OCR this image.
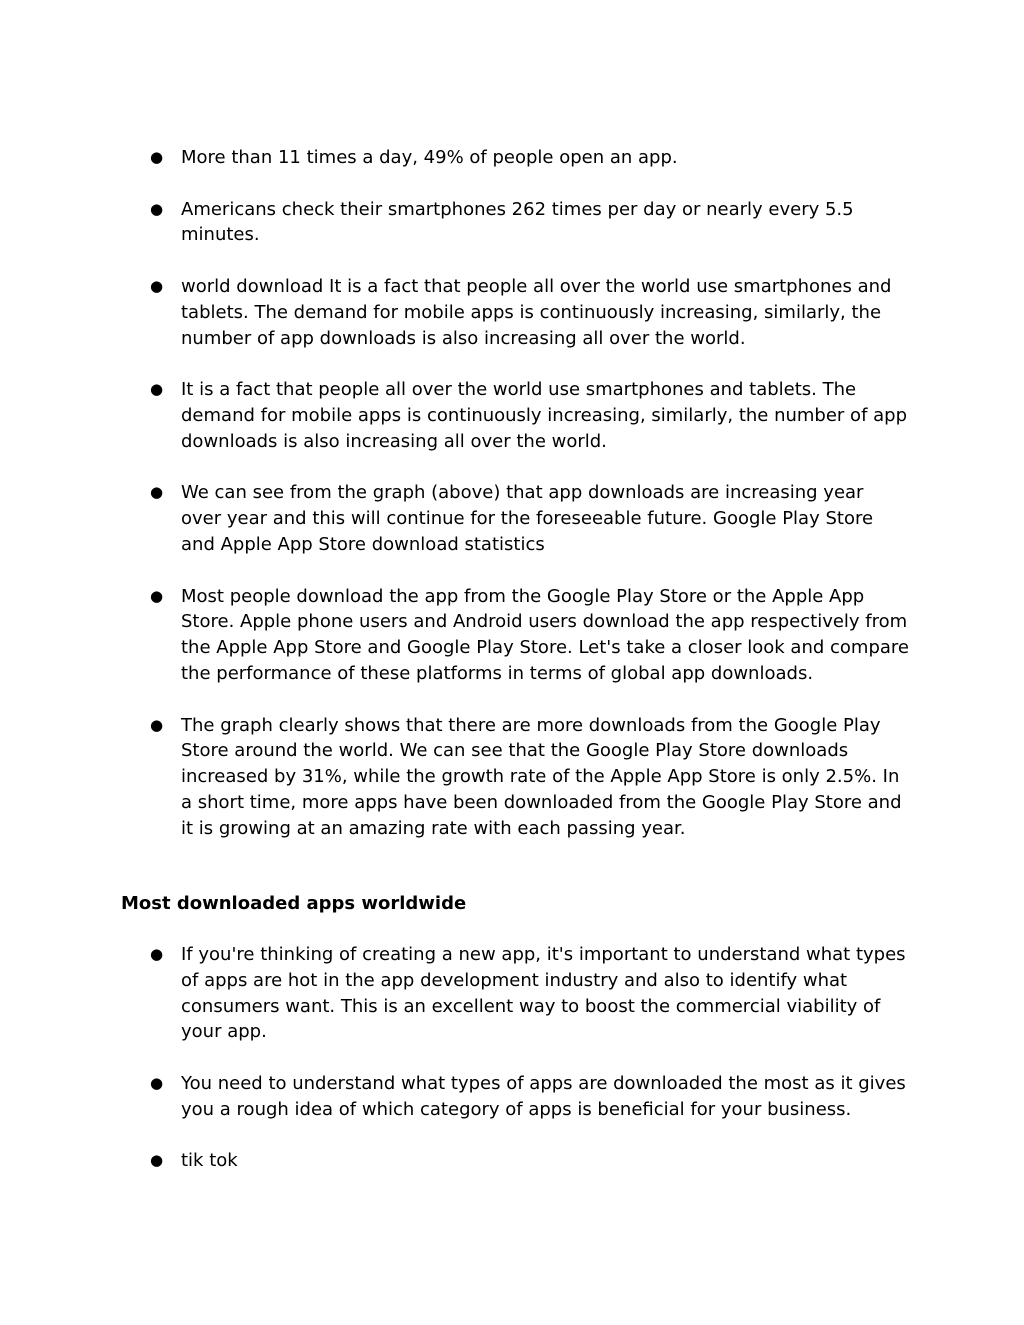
● More than 11 times a day, 49% of people open an app.
● Americans check their smartphones 262 times per day or nearly every 5.5 minutes.
● world download It is a fact that people all over the world use smartphones and tablets. The demand for mobile apps is continuously increasing, similarly, the number of app downloads is also increasing all over the world.
● It is a fact that people all over the world use smartphones and tablets. The demand for mobile apps is continuously increasing, similarly, the number of app downloads is also increasing all over the world.
● We can see from the graph (above) that app downloads are increasing year over year and this will continue for the foreseeable future. Google Play Store and Apple App Store download statistics
● Most people download the app from the Google Play Store or the Apple App Store. Apple phone users and Android users download the app respectively from the Apple App Store and Google Play Store. Let's take a closer look and compare the performance of these platforms in terms of global app downloads.
● The graph clearly shows that there are more downloads from the Google Play Store around the world. We can see that the Google Play Store downloads increased by 31%, while the growth rate of the Apple App Store is only 2.5%. In a short time, more apps have been downloaded from the Google Play Store and it is growing at an amazing rate with each passing year.
Most downloaded apps worldwide
● If you're thinking of creating a new app, it's important to understand what types of apps are hot in the app development industry and also to identify what consumers want. This is an excellent way to boost the commercial viability of your app.
● You need to understand what types of apps are downloaded the most as it gives you a rough idea of which category of apps is beneficial for your business.
● tik tok
